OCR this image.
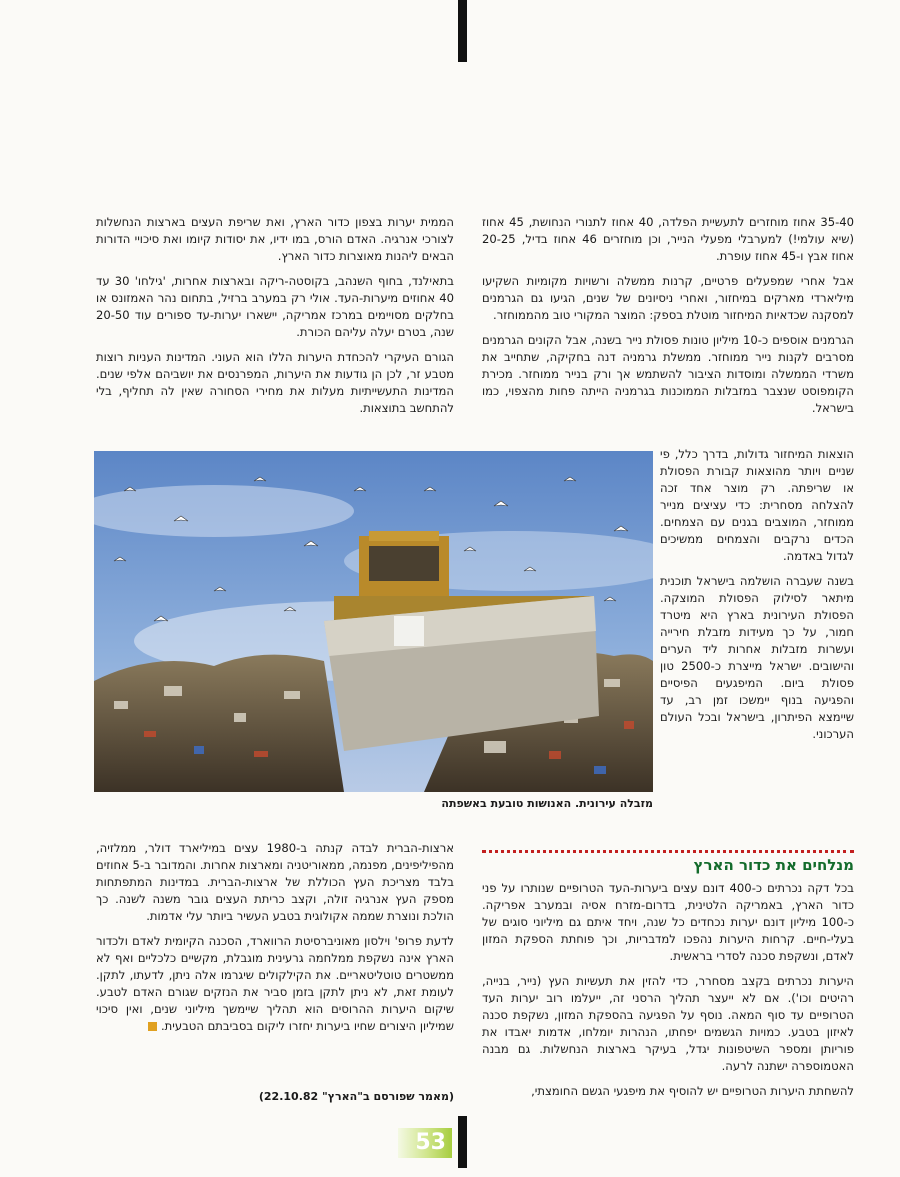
35-40 אחוז מוחזרים לתעשיית הפלדה, 40 אחוז לתנורי הנחושת, 45 אחוז (שיא עולמי!) למערבלי מפעלי הנייר, וכן מוחזרים 46 אחוז בדיל, 20-25 אחוז אבץ ו-45 אחוז עופרת.

אבל אחרי שמפעלים פרטיים, קרנות ממשלה ורשויות מקומיות השקיעו מיליארדי מארקים במיחזור, ואחרי ניסיונים של שנים, הגיעו גם הגרמנים למסקנה שכדאיות המיחזור מוטלת בספק: המוצר המקורי טוב מהממוחזר.

הגרמנים אוספים כ-10 מיליון טונות פסולת נייר בשנה, אבל הקונים הגרמנים מסרבים לקנות נייר ממוחזר. ממשלת גרמניה דנה בחקיקה, שתחייב את משרדי הממשלה ומוסדות הציבור להשתמש אך ורק בנייר ממוחזר. מכירת הקומפוסט שנצבר במזבלות הממוכנות בגרמניה הייתה פחות מהצפוי, כמו בישראל.

הממית יערות בצפון כדור הארץ, ואת שריפת העצים בארצות הנחשלות לצורכי אנרגיה. האדם הורס, במו ידיו, את יסודות קיומו ואת סיכויי הדורות הבאים ליהנות מאוצרות כדור הארץ.

בתאילנד, בחוף השנהב, בקוסטה-ריקה ובארצות אחרות, 'גילחו' 30 עד 40 אחוזים מיערות-העד. אולי רק במערב ברזיל, בתחום נהר האמזונס או בחלקים מסויימים במרכז אמריקה, יישארו יערות-עד ספורים עוד 20-50 שנה, בטרם יעלה עליהם הכורת.

הגורם העיקרי להכחדת היערות הללו הוא העוני. המדינות העניות רוצות מטבע זר, לכן הן גודעות את היערות, המפרנסים את יושביהם אלפי שנים. המדינות התעשייתיות מעלות את מחירי הסחורה שאין לה תחליף, בלי להתחשב בתוצאות.

הוצאות המיחזור גדולות, בדרך כלל, פי שניים ויותר מהוצאות קבורת הפסולת או שריפתה. רק מוצר אחד זכה להצלחה מסחרית: כדי עציצים מנייר ממוחזר, המוצבים בגנים עם הצמחים. הכדים נרקבים והצמחים ממשיכים לגדול באדמה.

בשנה שעברה הושלמה בישראל תוכנית מיתאר לסילוק הפסולת המוצקה. הפסולת העירונית בארץ היא מיטרד חמור, על כך מעידות מזבלת חירייה ועשרות מזבלות אחרות ליד הערים והישובים. ישראל מייצרת כ-2500 טון פסולת ביום. המיפגעים הפיסיים והפגיעה בנוף יימשכו זמן רב, עד שיימצא הפיתרון, בישראל ובכל העולם הערכוני.

מזבלה עירונית. האנושות טובעת באשפתה
מנלחים את כדור הארץ

בכל דקה נכרתים כ-400 דונם עצים ביערות-העד הטרופיים שנותרו על פני כדור הארץ, באמריקה הלטינית, בדרום-מזרח אסיה ובמערב אפריקה. כ-100 מיליון דונם יערות נכחדים כל שנה, ויחד איתם גם מיליוני סוגים של בעלי-חיים. קרחות היערות נהפכו למדבריות, וכך פוחתת הספקת המזון לאדם, ונשקפת סכנה לסדרי בראשית.

היערות נכרתים בקצב מסחרר, כדי להזין את תעשיות העץ (נייר, בנייה, רהיטים וכו'). אם לא ייעצר תהליך הרסני זה, ייעלמו רוב יערות העד הטרופיים עד סוף המאה. נוסף על הפגיעה בהספקת המזון, נשקפת סכנה לאיזון בטבע. כמויות הגשמים יפחתו, הנהרות יומלחו, אדמות יאבדו את פוריותן ומספר השיטפונות יגדל, בעיקר בארצות הנחשלות. גם מבנה האטמוספרה ישתנה לרעה.

להשחתת היערות הטרופיים יש להוסיף את מיפגעי הגשם החומצתי,

ארצות-הברית לבדה קנתה ב-1980 עצים במיליארד דולר, ממלזיה, מהפיליפינים, מפנמה, ממאוריטניה ומארצות אחרות. והמדובר ב-5 אחוזים בלבד מצריכת העץ הכוללת של ארצות-הברית. במדינות המתפתחות מספק העץ אנרגיה זולה, וקצב כריתת העצים גובר משנה לשנה. כך הולכת ונוצרת שממה אקולוגית בטבע העשיר ביותר עלי אדמות.

לדעת פרופ' וילסון מאוניברסיטת הרווארד, הסכנה הקיומית לאדם ולכדור הארץ אינה נשקפת ממלחמה גרעינית מוגבלת, מקשיים כלכליים ואף לא ממשטרים טוטליטאריים. את הקילקולים שיגרמו אלה ניתן, לדעתו, לתקן. לעומת זאת, לא ניתן לתקן בזמן סביר את הנזקים שגורם האדם לטבע. שיקום היערות ההרוסים הוא תהליך שיימשך מיליוני שנים, ואין סיכוי שמיליון היצורים שחיו ביערות יחזרו ליקום בסביבתם הטבעית.

(מאמר שפורסם ב"הארץ" 22.10.82)
53
